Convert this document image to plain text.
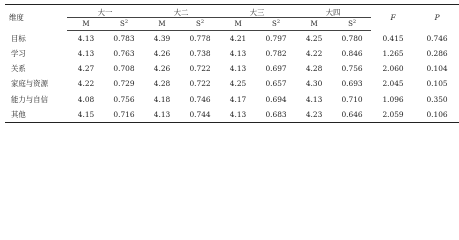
维度	大一		大二		大三		大四		F	P
	M	$S^2$	M	$S^2$	M	$S^2$	M	$S^2$
目标	4.13	0.783	4.39	0.778	4.21	0.797	4.25	0.780	0.415	0.746
学习	4.13	0.763	4.26	0.738	4.13	0.782	4.22	0.846	1.265	0.286
关系	4.27	0.708	4.26	0.722	4.13	0.697	4.28	0.756	2.060	0.104
家庭与资源	4.22	0.729	4.28	0.722	4.25	0.657	4.30	0.693	2.045	0.105
能力与自信	4.08	0.756	4.18	0.746	4.17	0.694	4.13	0.710	1.096	0.350
其他	4.15	0.716	4.13	0.744	4.13	0.683	4.23	0.646	2.059	0.106
